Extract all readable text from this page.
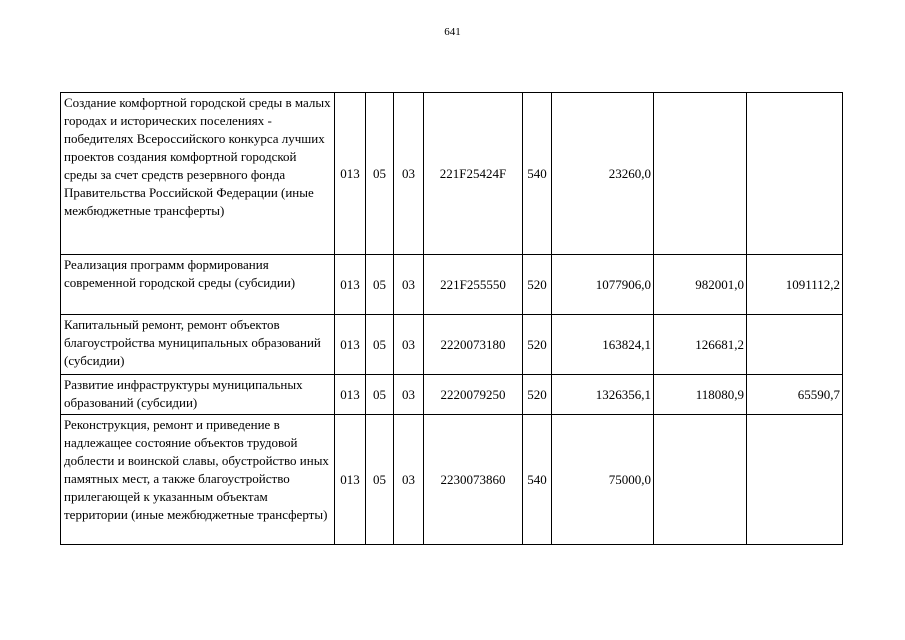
641
Создание комфортной городской среды в малых городах и исторических поселениях - победителях Всероссийского конкурса лучших проектов создания комфортной городской среды за счет средств резервного фонда Правительства Российской Федерации (иные межбюджетные трансферты)	013	05	03	221F25424F	540	23260,0		
Реализация программ формирования современной городской среды (субсидии)	013	05	03	221F255550	520	1077906,0	982001,0	1091112,2
Капитальный ремонт, ремонт объектов благоустройства муниципальных образований (субсидии)	013	05	03	2220073180	520	163824,1	126681,2	
Развитие инфраструктуры муниципальных образований (субсидии)	013	05	03	2220079250	520	1326356,1	118080,9	65590,7
Реконструкция, ремонт и приведение в надлежащее состояние объектов трудовой доблести и воинской славы, обустройство иных памятных мест, а также благоустройство прилегающей к указанным объектам территории (иные межбюджетные трансферты)	013	05	03	2230073860	540	75000,0		
